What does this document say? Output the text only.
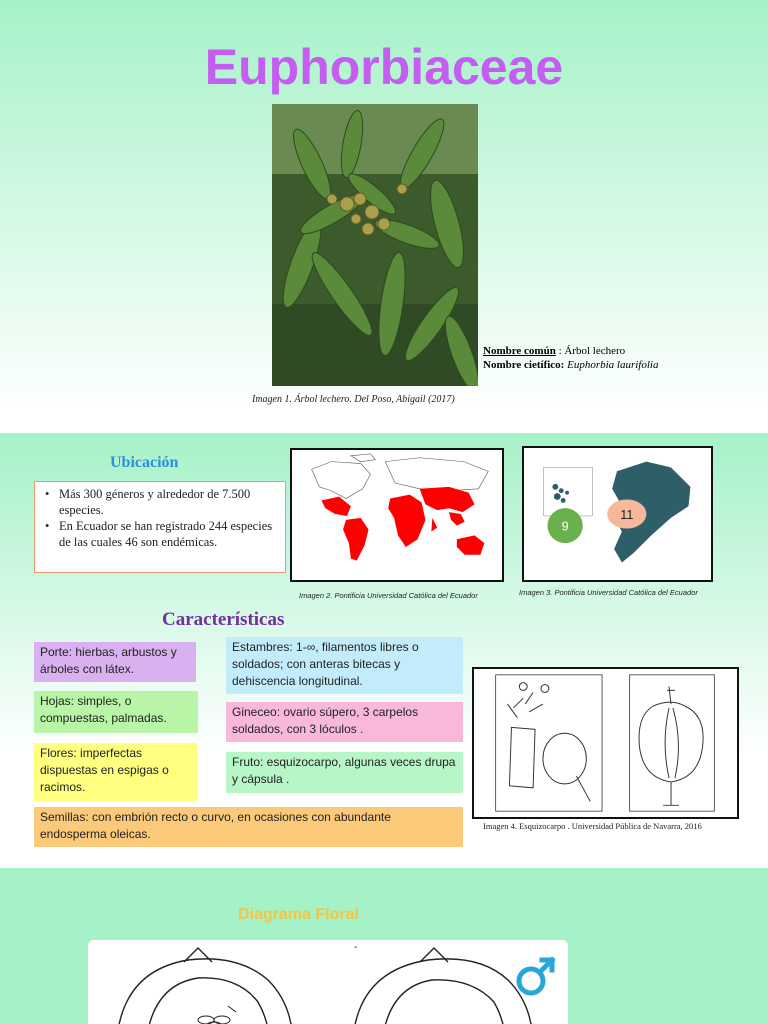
Euphorbiaceae
Nombre común : Árbol lechero
Nombre cietífico: Euphorbia laurifolia
Imagen 1. Árbol lechero. Del Poso, Abigail (2017)
Ubicación
• Más 300 géneros y alrededor de 7.500 especies.
• En Ecuador se han registrado 244 especies de las cuales 46 son endémicas.
Imagen 2. Pontificia Universidad Católica del Ecuador
9
11
Imagen 3. Pontificia Universidad Católica del Ecuador
Características
Porte: hierbas, arbustos y árboles con látex.
Hojas: simples, o compuestas, palmadas.
Flores: imperfectas dispuestas en espigas o racimos.
Estambres: 1-∞, filamentos libres o soldados; con anteras bitecas y dehiscencia longitudinal.
Gineceo: ovario súpero, 3 carpelos soldados, con 3 lóculos .
Fruto: esquizocarpo, algunas veces drupa y cápsula .
Semillas: con embrión recto o curvo, en ocasiones con abundante endosperma oleicas.
Imagen 4. Esquizocarpo . Universidad Pública de Navarra, 2016
Diagrama Floral
-
